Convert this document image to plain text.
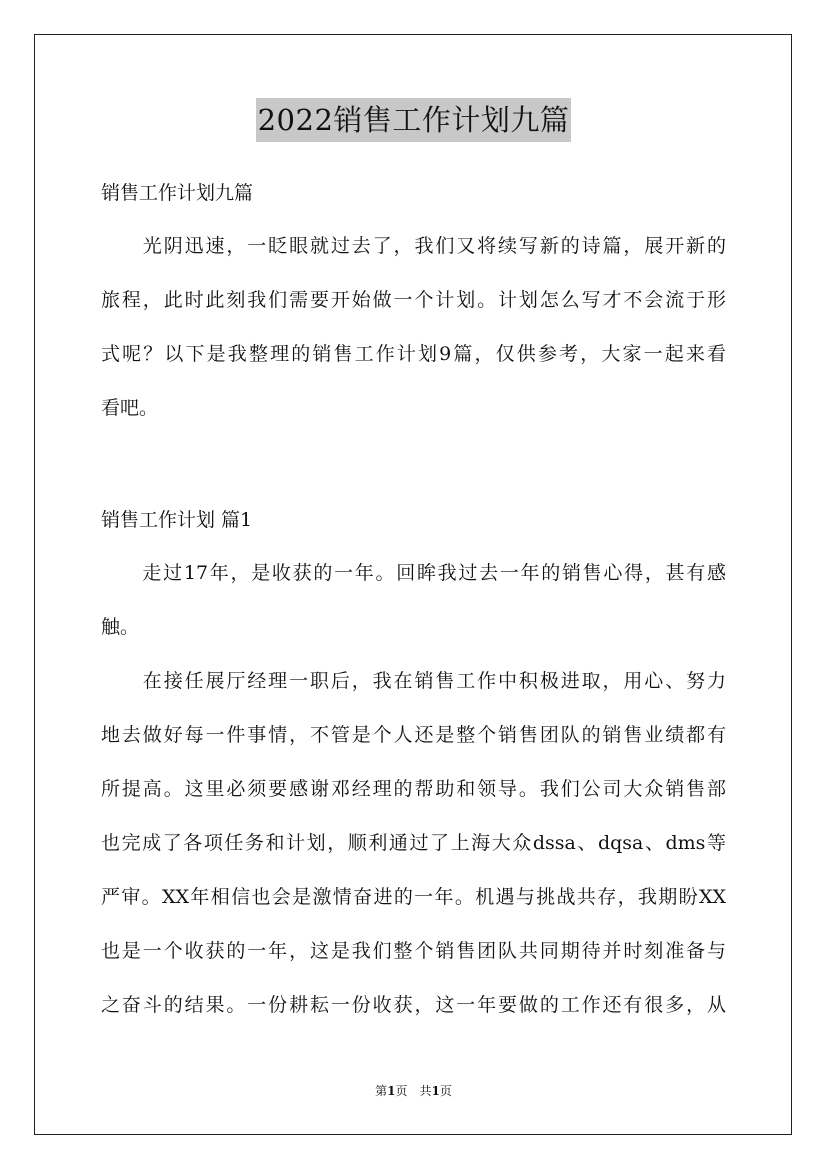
2022销售工作计划九篇
销售工作计划九篇
　　光阴迅速，一眨眼就过去了，我们又将续写新的诗篇，展开新的
旅程，此时此刻我们需要开始做一个计划。计划怎么写才不会流于形
式呢？以下是我整理的销售工作计划9篇，仅供参考，大家一起来看
看吧。
销售工作计划 篇1
　　走过17年，是收获的一年。回眸我过去一年的销售心得，甚有感
触。
　　在接任展厅经理一职后，我在销售工作中积极进取，用心、努力
地去做好每一件事情，不管是个人还是整个销售团队的销售业绩都有
所提高。这里必须要感谢邓经理的帮助和领导。我们公司大众销售部
也完成了各项任务和计划，顺利通过了上海大众dssa、dqsa、dms等
严审。XX年相信也会是激情奋进的一年。机遇与挑战共存，我期盼XX
也是一个收获的一年，这是我们整个销售团队共同期待并时刻准备与
之奋斗的结果。一份耕耘一份收获，这一年要做的工作还有很多，从
第1页　共1页
